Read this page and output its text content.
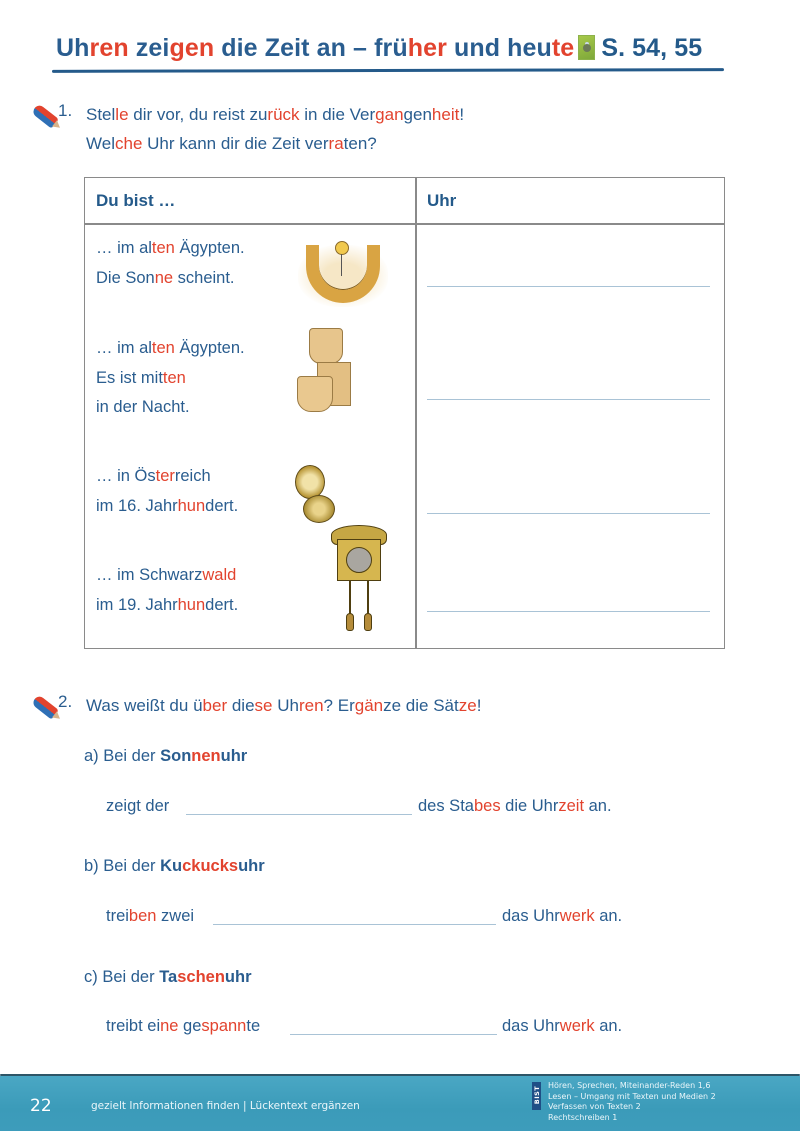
Uhren zeigen die Zeit an – früher und heute S. 54, 55
1. Stelle dir vor, du reist zurück in die Vergangenheit!
Welche Uhr kann dir die Zeit verraten?
Du bist …	Uhr
… im alten Ägypten.
Die Sonne scheint.
… im alten Ägypten.
Es ist mitten
in der Nacht.
… in Österreich
im 16. Jahrhundert.
… im Schwarzwald
im 19. Jahrhundert.
2. Was weißt du über diese Uhren? Ergänze die Sätze!
a) Bei der Sonnenuhr
zeigt der	des Stabes die Uhrzeit an.
b) Bei der Kuckucksuhr
treiben zwei	das Uhrwerk an.
c) Bei der Taschenuhr
treibt eine gespannte	das Uhrwerk an.
22	gezielt Informationen finden | Lückentext ergänzen
BIST
Hören, Sprechen, Miteinander-Reden 1,6
Lesen – Umgang mit Texten und Medien 2
Verfassen von Texten 2
Rechtschreiben 1
